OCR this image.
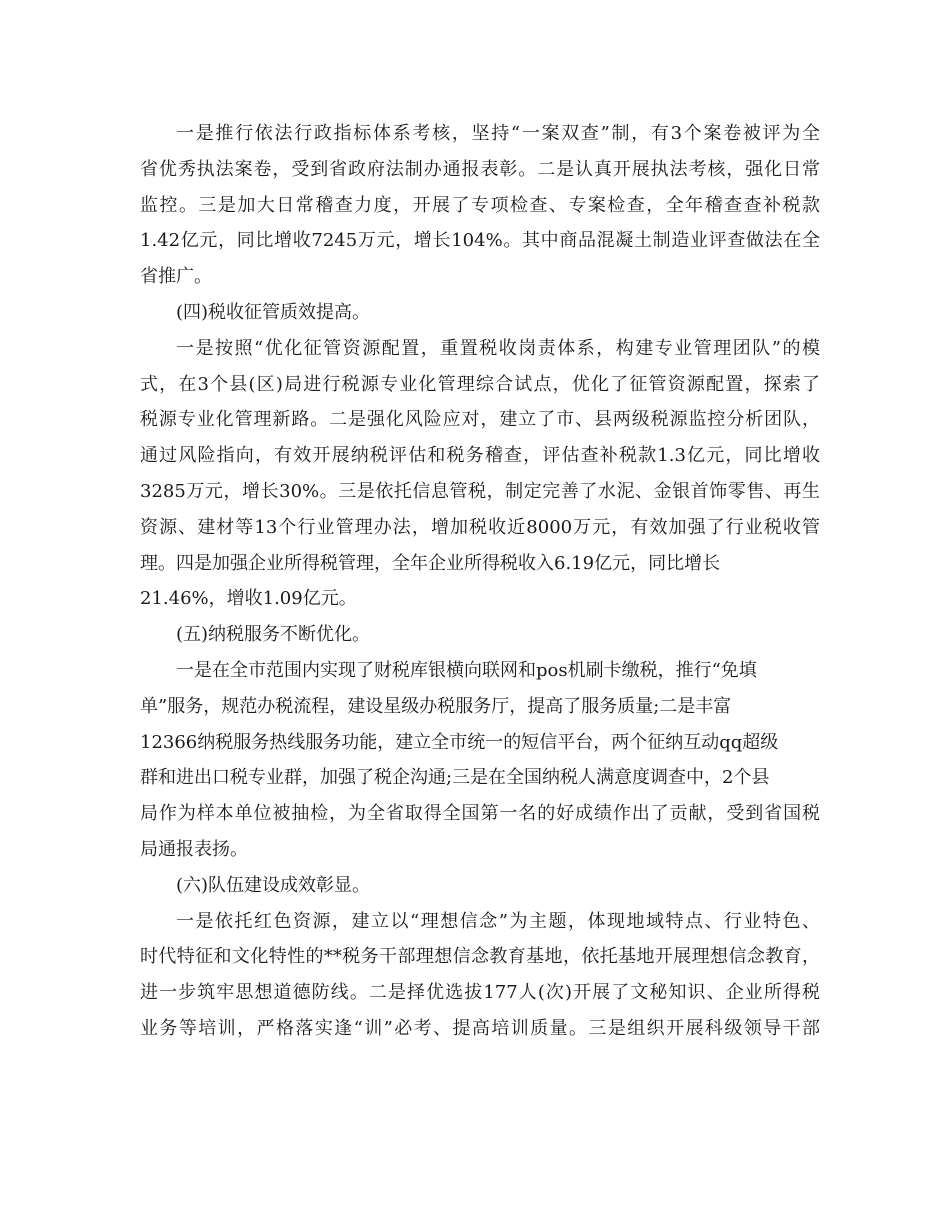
一是推行依法行政指标体系考核，坚持“一案双查”制，有3个案卷被评为全
省优秀执法案卷，受到省政府法制办通报表彰。二是认真开展执法考核，强化日常
监控。三是加大日常稽查力度，开展了专项检查、专案检查，全年稽查查补税款
1.42亿元，同比增收7245万元，增长104%。其中商品混凝土制造业评查做法在全
省推广。
(四)税收征管质效提高。
一是按照“优化征管资源配置，重置税收岗责体系，构建专业管理团队”的模
式，在3个县(区)局进行税源专业化管理综合试点，优化了征管资源配置，探索了
税源专业化管理新路。二是强化风险应对，建立了市、县两级税源监控分析团队，
通过风险指向，有效开展纳税评估和税务稽查，评估查补税款1.3亿元，同比增收
3285万元，增长30%。三是依托信息管税，制定完善了水泥、金银首饰零售、再生
资源、建材等13个行业管理办法，增加税收近8000万元，有效加强了行业税收管
理。四是加强企业所得税管理，全年企业所得税收入6.19亿元，同比增长
21.46%，增收1.09亿元。
(五)纳税服务不断优化。
一是在全市范围内实现了财税库银横向联网和pos机刷卡缴税，推行“免填
单”服务，规范办税流程，建设星级办税服务厅，提高了服务质量;二是丰富
12366纳税服务热线服务功能，建立全市统一的短信平台，两个征纳互动qq超级
群和进出口税专业群，加强了税企沟通;三是在全国纳税人满意度调查中，2个县
局作为样本单位被抽检，为全省取得全国第一名的好成绩作出了贡献，受到省国税
局通报表扬。
(六)队伍建设成效彰显。
一是依托红色资源，建立以“理想信念”为主题，体现地域特点、行业特色、
时代特征和文化特性的**税务干部理想信念教育基地，依托基地开展理想信念教育，
进一步筑牢思想道德防线。二是择优选拔177人(次)开展了文秘知识、企业所得税
业务等培训，严格落实逢“训”必考、提高培训质量。三是组织开展科级领导干部
